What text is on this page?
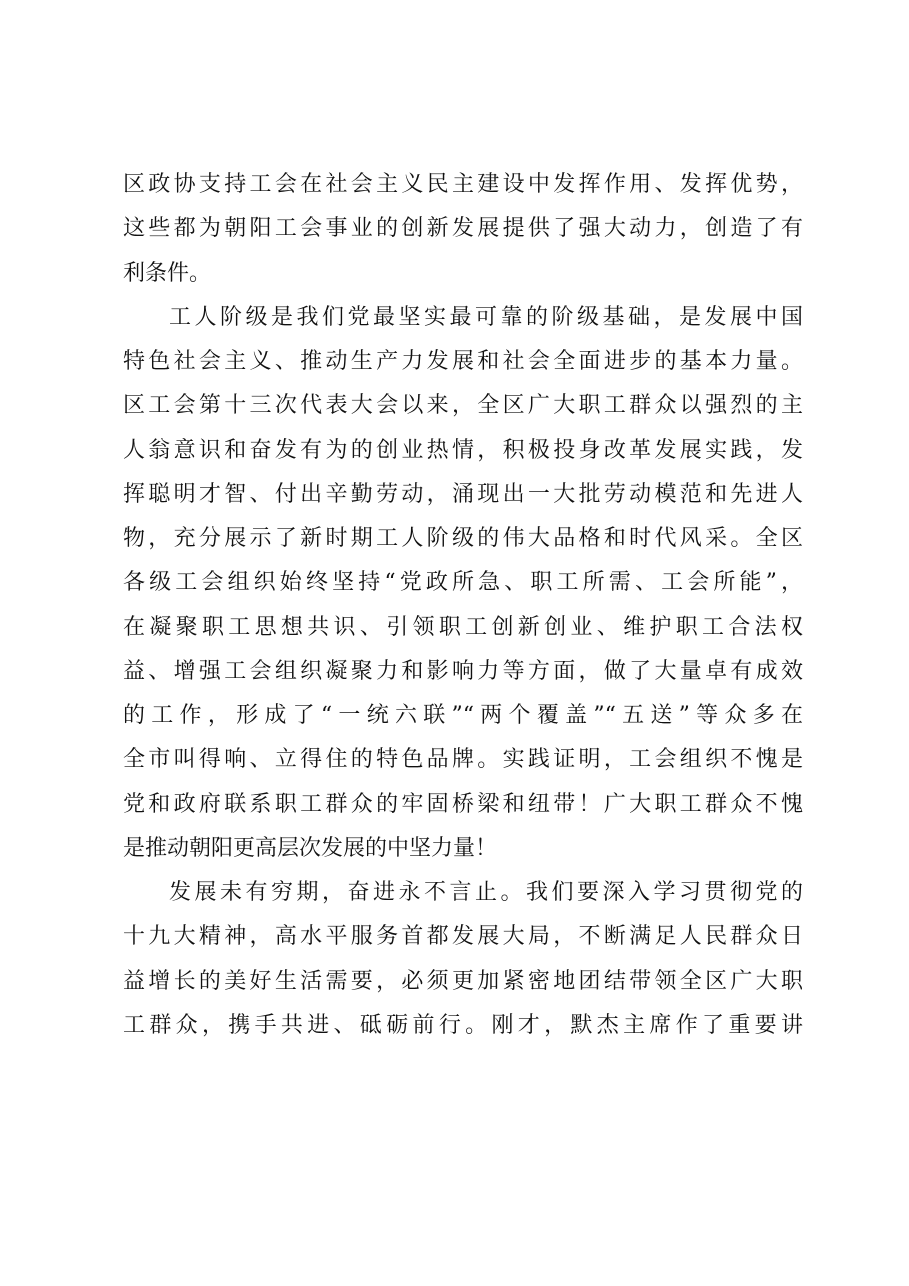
区政协支持工会在社会主义民主建设中发挥作用、发挥优势，
这些都为朝阳工会事业的创新发展提供了强大动力，创造了有
利条件。
工人阶级是我们党最坚实最可靠的阶级基础，是发展中国
特色社会主义、推动生产力发展和社会全面进步的基本力量。
区工会第十三次代表大会以来，全区广大职工群众以强烈的主
人翁意识和奋发有为的创业热情，积极投身改革发展实践，发
挥聪明才智、付出辛勤劳动，涌现出一大批劳动模范和先进人
物，充分展示了新时期工人阶级的伟大品格和时代风采。全区
各级工会组织始终坚持“党政所急、职工所需、工会所能”，
在凝聚职工思想共识、引领职工创新创业、维护职工合法权
益、增强工会组织凝聚力和影响力等方面，做了大量卓有成效
的工作，形成了“一统六联”“两个覆盖”“五送”等众多在
全市叫得响、立得住的特色品牌。实践证明，工会组织不愧是
党和政府联系职工群众的牢固桥梁和纽带！广大职工群众不愧
是推动朝阳更高层次发展的中坚力量！
发展未有穷期，奋进永不言止。我们要深入学习贯彻党的
十九大精神，高水平服务首都发展大局，不断满足人民群众日
益增长的美好生活需要，必须更加紧密地团结带领全区广大职
工群众，携手共进、砥砺前行。刚才，默杰主席作了重要讲
